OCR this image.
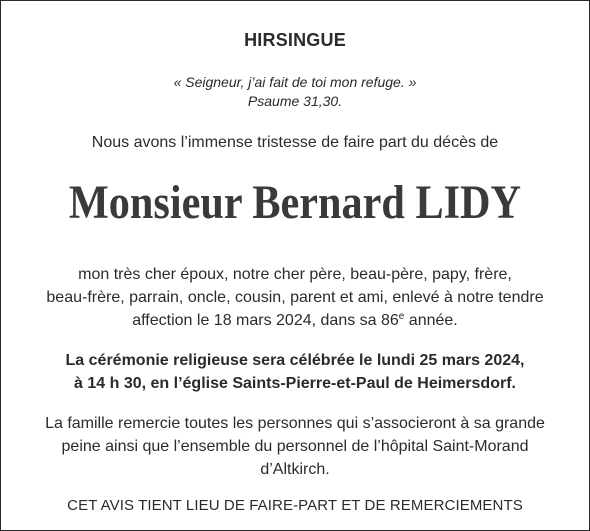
HIRSINGUE
« Seigneur, j’ai fait de toi mon refuge. »
Psaume 31,30.
Nous avons l’immense tristesse de faire part du décès de
Monsieur Bernard LIDY
mon très cher époux, notre cher père, beau-père, papy, frère,
beau-frère, parrain, oncle, cousin, parent et ami, enlevé à notre tendre
affection le 18 mars 2024, dans sa 86e année.
La cérémonie religieuse sera célébrée le lundi 25 mars 2024,
à 14 h 30, en l’église Saints-Pierre-et-Paul de Heimersdorf.
La famille remercie toutes les personnes qui s’associeront à sa grande
peine ainsi que l’ensemble du personnel de l’hôpital Saint-Morand
d’Altkirch.
CET AVIS TIENT LIEU DE FAIRE-PART ET DE REMERCIEMENTS
